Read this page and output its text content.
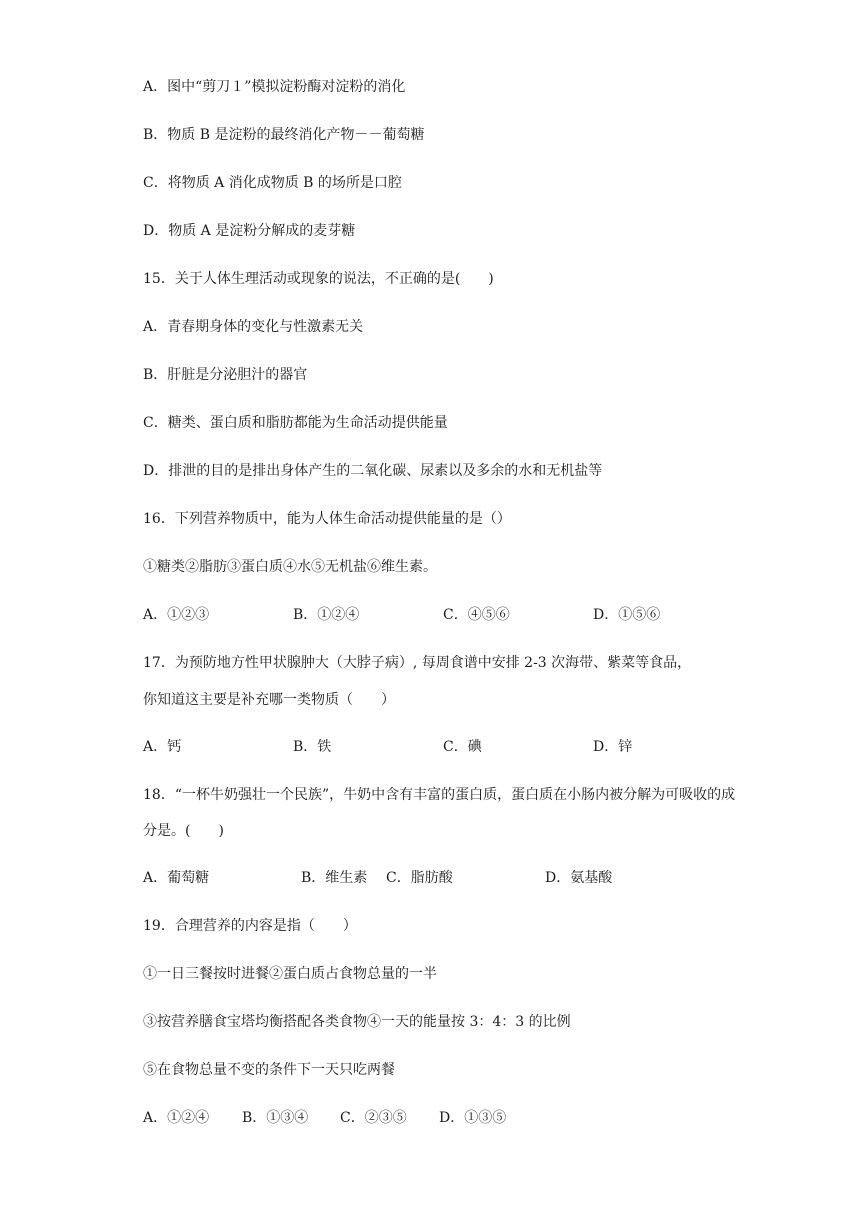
A．图中“剪刀１”模拟淀粉酶对淀粉的消化
B．物质 B 是淀粉的最终消化产物－－葡萄糖
C．将物质 A 消化成物质 B 的场所是口腔
D．物质 A 是淀粉分解成的麦芽糖
15．关于人体生理活动或现象的说法，不正确的是(　　)
A．青春期身体的变化与性激素无关
B．肝脏是分泌胆汁的器官
C．糖类、蛋白质和脂肪都能为生命活动提供能量
D．排泄的目的是排出身体产生的二氧化碳、尿素以及多余的水和无机盐等
16．下列营养物质中，能为人体生命活动提供能量的是（）
①糖类②脂肪③蛋白质④水⑤无机盐⑥维生素。
A．①②③	B．①②④	C．④⑤⑥	D．①⑤⑥
17．为预防地方性甲状腺肿大（大脖子病）, 每周食谱中安排 2-3 次海带、紫菜等食品，
你知道这主要是补充哪一类物质（　　）
A．钙	B．铁	C．碘	D．锌
18．“一杯牛奶强壮一个民族”，牛奶中含有丰富的蛋白质，蛋白质在小肠内被分解为可吸收的成
分是。(　　)
A．葡萄糖	B．维生素 C．脂肪酸	D．氨基酸
19．合理营养的内容是指（　　）
①一日三餐按时进餐②蛋白质占食物总量的一半
③按营养膳食宝塔均衡搭配各类食物④一天的能量按 3：4：3 的比例
⑤在食物总量不变的条件下一天只吃两餐
A．①②④ B．①③④ C．②③⑤ D．①③⑤
